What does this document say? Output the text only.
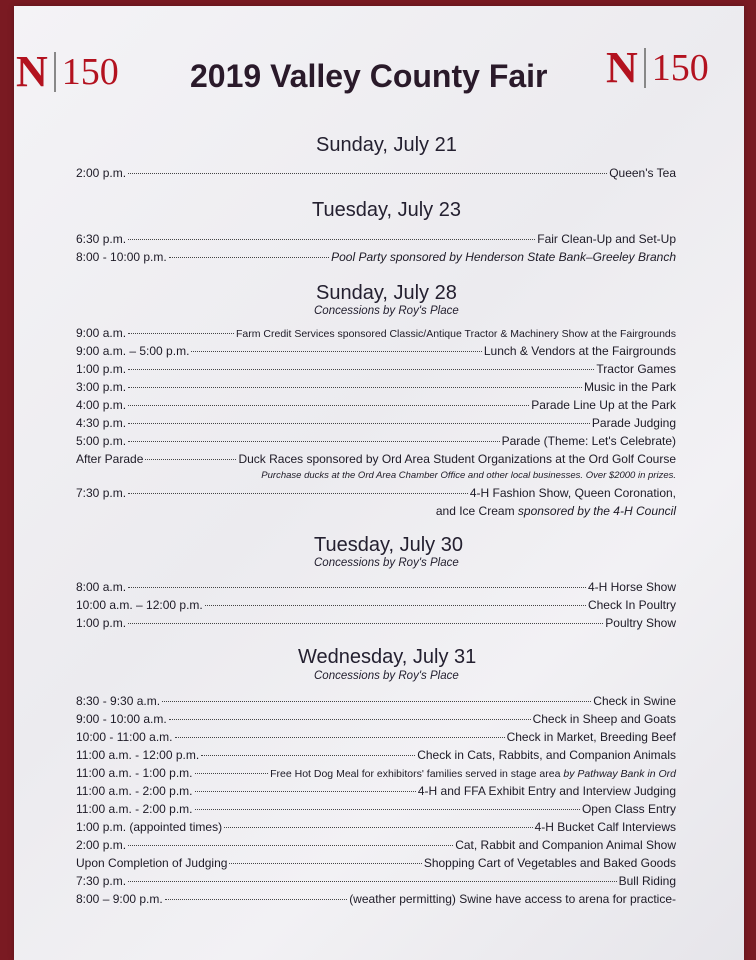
N 150 2019 Valley County Fair N 150
Sunday, July 21
2:00 p.m.	Queen's Tea
Tuesday, July 23
6:30 p.m.	Fair Clean-Up and Set-Up
8:00 - 10:00 p.m.	Pool Party sponsored by Henderson State Bank–Greeley Branch
Sunday, July 28
Concessions by Roy's Place
9:00 a.m.	Farm Credit Services sponsored Classic/Antique Tractor & Machinery Show at the Fairgrounds
9:00 a.m. – 5:00 p.m.	Lunch & Vendors at the Fairgrounds
1:00 p.m.	Tractor Games
3:00 p.m.	Music in the Park
4:00 p.m.	Parade Line Up at the Park
4:30 p.m.	Parade Judging
5:00 p.m.	Parade (Theme: Let's Celebrate)
After Parade	Duck Races sponsored by Ord Area Student Organizations at the Ord Golf Course
Purchase ducks at the Ord Area Chamber Office and other local businesses. Over $2000 in prizes.
7:30 p.m.	4-H Fashion Show, Queen Coronation,
and Ice Cream sponsored by the 4-H Council
Tuesday, July 30
Concessions by Roy's Place
8:00 a.m.	4-H Horse Show
10:00 a.m. – 12:00 p.m.	Check In Poultry
1:00 p.m.	Poultry Show
Wednesday, July 31
Concessions by Roy's Place
8:30 - 9:30 a.m.	Check in Swine
9:00 - 10:00 a.m.	Check in Sheep and Goats
10:00 - 11:00 a.m.	Check in Market, Breeding Beef
11:00 a.m. - 12:00 p.m.	Check in Cats, Rabbits, and Companion Animals
11:00 a.m. - 1:00 p.m.	Free Hot Dog Meal for exhibitors' families served in stage area
by Pathway Bank in Ord
11:00 a.m. - 2:00 p.m.	4-H and FFA Exhibit Entry and Interview Judging
11:00 a.m. - 2:00 p.m.	Open Class Entry
1:00 p.m. (appointed times)	4-H Bucket Calf Interviews
2:00 p.m.	Cat, Rabbit and Companion Animal Show
Upon Completion of Judging	Shopping Cart of Vegetables and Baked Goods
7:30 p.m.	Bull Riding
8:00 – 9:00 p.m.	(weather permitting) Swine have access to arena for practice-
